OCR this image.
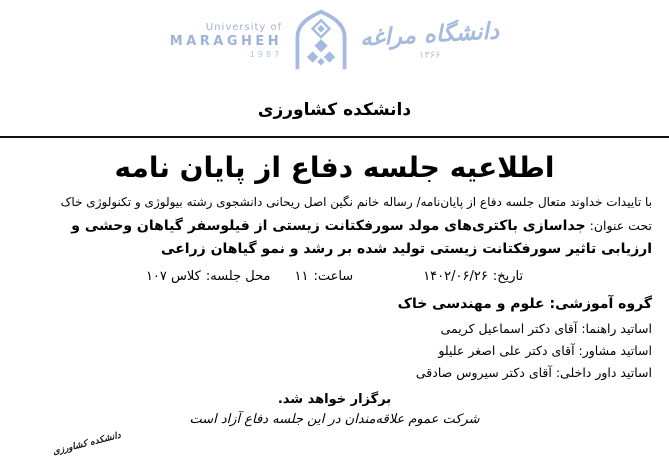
University of
MARAGHEH
1987
دانشگاه مراغه
۱۳۶۶
دانشکده کشاورزی
اطلاعیه جلسه دفاع از پایان نامه

با تاییدات خداوند متعال جلسه دفاع از پایان‌نامه/ رساله خانم نگین اصل ریحانی دانشجوی رشته بیولوژی و تکنولوژی خاک

تحت عنوان:جداسازی باکتری‌های مولد سورفکتانت زیستی از فیلوسفر گیاهان وحشی و ارزیابی تاثیر سورفکتانت زیستی تولید شده بر رشد و نمو گیاهان زراعی

تاریخ:۱۴۰۲/۰۶/۲۶
ساعت:۱۱
محل جلسه:کلاس ۱۰۷

گروه آموزشی: علوم و مهندسی خاک

اساتید راهنما: آقای دکتر اسماعیل کریمی

اساتید مشاور: آقای دکتر علی اصغر علیلو

اساتید داور داخلی: آقای دکتر سیروس صادقی

برگزار خواهد شد.

شرکت عموم علاقه‌مندان در این جلسه دفاع آزاد است

دانشکده کشاورزی
